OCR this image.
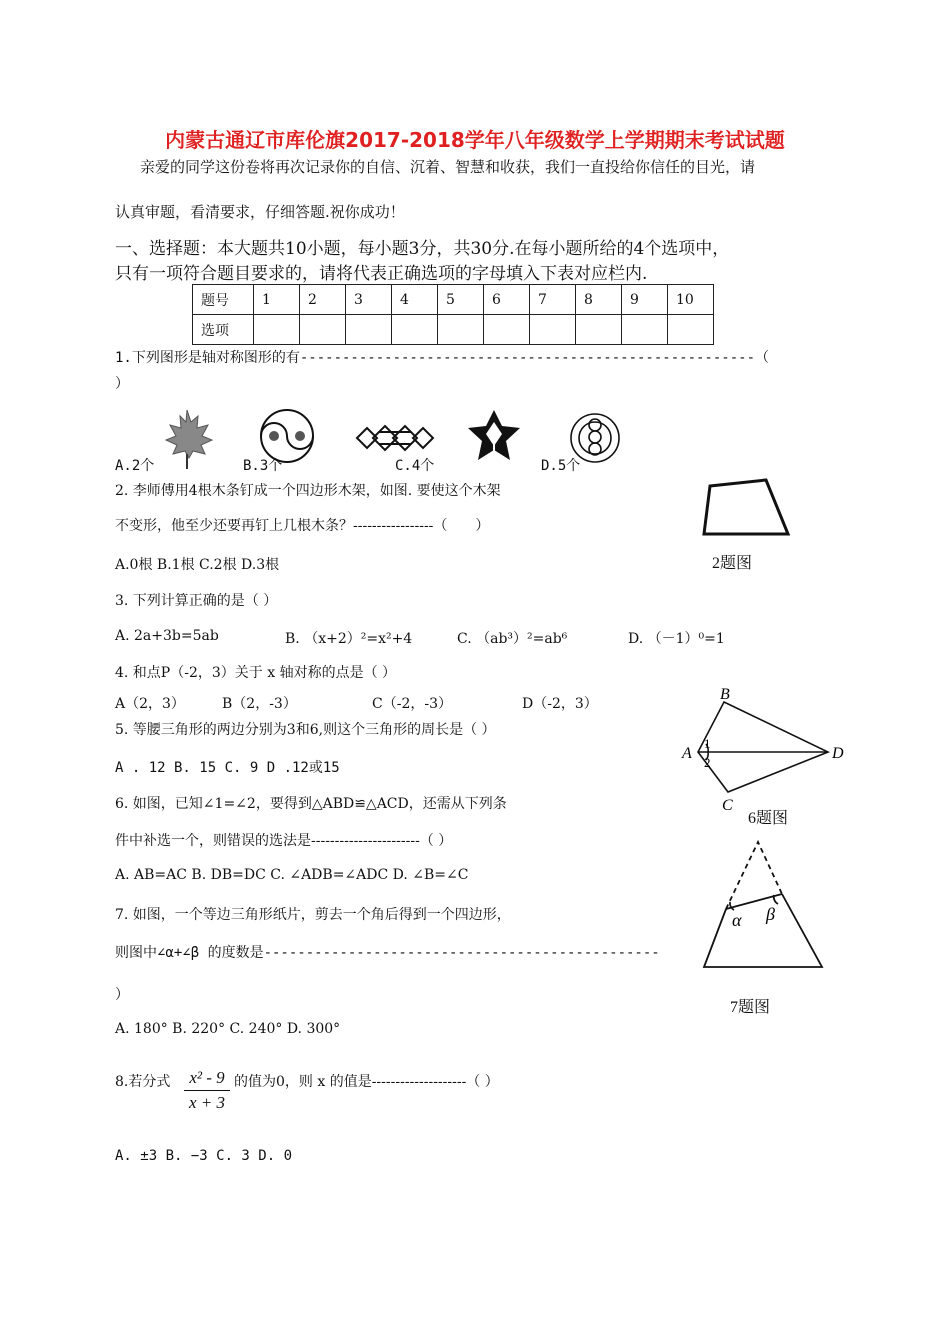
内蒙古通辽市库伦旗2017-2018学年八年级数学上学期期末考试试题
亲爱的同学这份卷将再次记录你的自信、沉着、智慧和收获，我们一直投给你信任的目光，请
认真审题，看清要求，仔细答题.祝你成功！
一、选择题：本大题共10小题，每小题3分，共30分.在每小题所给的4个选项中，
只有一项符合题目要求的，请将代表正确选项的字母填入下表对应栏内.
题号	1	2	3	4	5	6	7	8	9	10
选项										
1.下列图形是轴对称图形的有------------------------------------------------------（
）
A.2个	B.3个	C.4个	D.5个
2. 李师傅用4根木条钉成一个四边形木架，如图. 要使这个木架
不变形，他至少还要再钉上几根木条？-----------------（　　）
A.0根 B.1根 C.2根 D.3根	2题图
3. 下列计算正确的是（ ）
A. 2a+3b=5ab	B. （x+2）²=x²+4	C. （ab³）²=ab⁶	D. （－1）⁰=1
4. 和点P（-2，3）关于 x 轴对称的点是（ ）
A（2，3）	B（2，-3）	C（-2，-3）	D（-2，3）
5. 等腰三角形的两边分别为3和6,则这个三角形的周长是（ ）
A . 12 B. 15 C. 9 D .12或15
B
A
1
2
D
C
6题图
6. 如图，已知∠1=∠2，要得到△ABD≌△ACD，还需从下列条
件中补选一个，则错误的选法是-----------------------（ ）
A. AB=AC B. DB=DC C. ∠ADB=∠ADC D. ∠B=∠C
α β
7题图
7. 如图，一个等边三角形纸片，剪去一个角后得到一个四边形，
则图中∠α+∠β 的度数是-----------------------------------------------
）
A. 180° B. 220° C. 240° D. 300°
8.若分式 $\frac{\text{x² - 9}}{x + 3}$ 的值为0，则 x 的值是--------------------（ ）
A. ±3 B. −3 C. 3 D. 0
